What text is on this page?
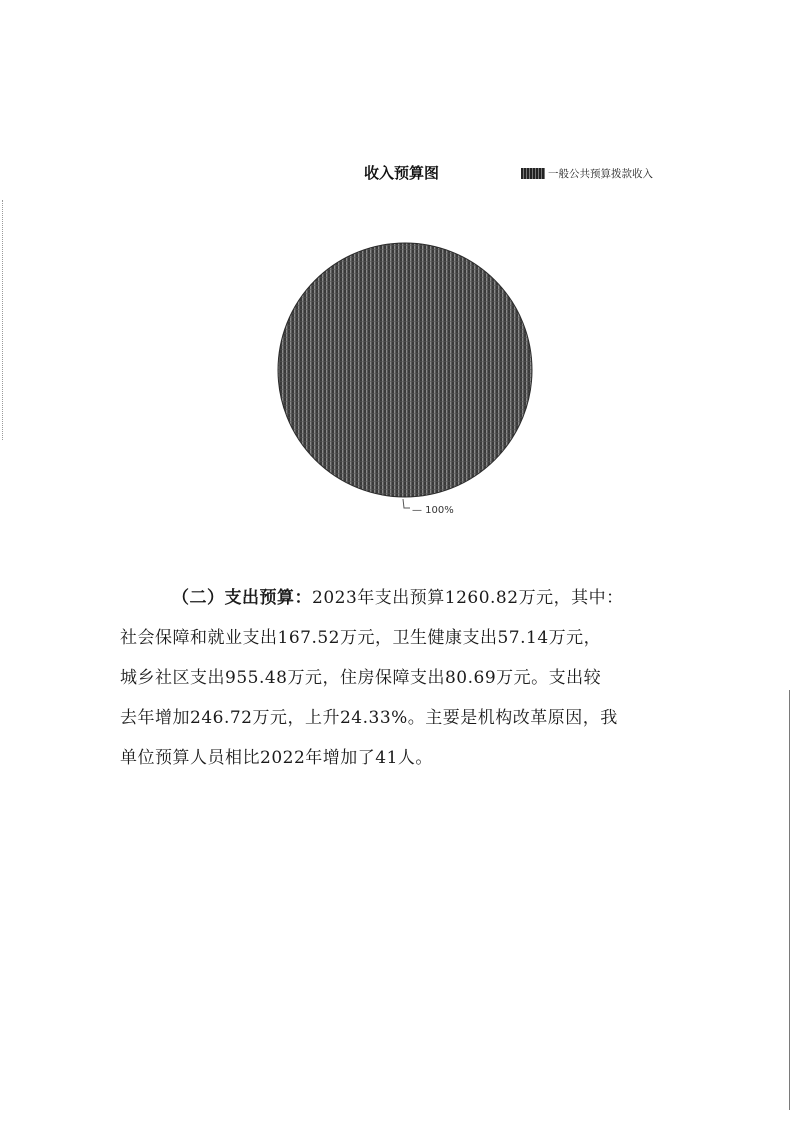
收入预算图	一般公共预算拨款收入
— 100%

（二）支出预算：2023年支出预算1260.82万元，其中：

社会保障和就业支出167.52万元，卫生健康支出57.14万元，

城乡社区支出955.48万元，住房保障支出80.69万元。支出较

去年增加246.72万元，上升24.33%。主要是机构改革原因，我

单位预算人员相比2022年增加了41人。
